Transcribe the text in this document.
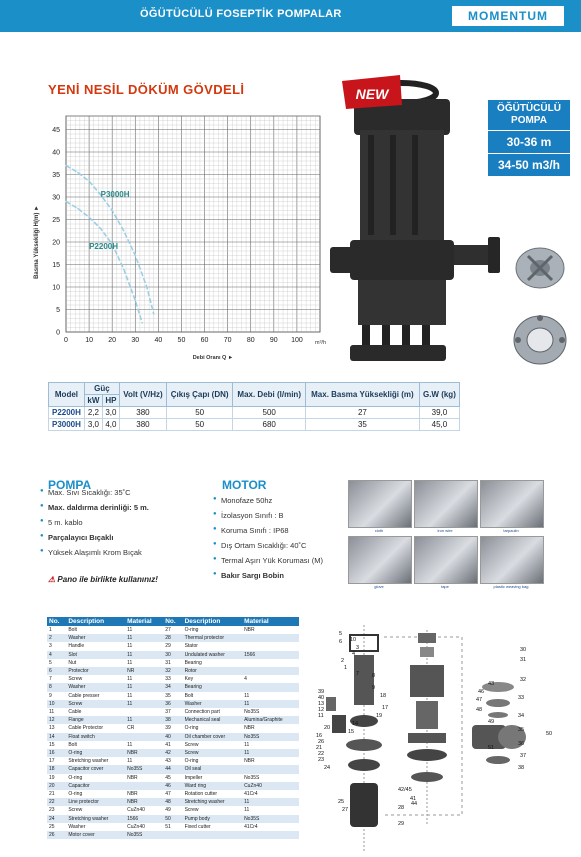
ÖĞÜTÜCÜLÜ FOSEPTİK POMPALAR	MOMENTUM
YENİ NESİL DÖKÜM GÖVDELİ
0 10 20 30 40 50 60 70 80 90 100
0
5
10
15
20
25
30
35
40
45
P3000H
P2200H
Basma Yüksekliği H(m) ►
Debi Oranı Q ►
m³/h
NEW
ÖĞÜTÜCÜLÜ
POMPA
30-36 m
34-50 m3/h
Model	Güç		Volt (V/Hz)	Çıkış Çapı (DN)	Max. Debi (l/min)	Max. Basma Yüksekliği (m)	G.W (kg)
	kW	HP					
P2200H	2,2	3,0	380	50	500	27	39,0
P3000H	3,0	4,0	380	50	680	35	45,0
POMPA
● Max. Sıvı Sıcaklığı: 35˚C
● Max. daldırma derinliği: 5 m.
● 5 m. kablo
● Parçalayıcı Bıçaklı
● Yüksek Alaşımlı Krom Bıçak
⚠ Pano ile birlikte kullanınız!
MOTOR
● Monofaze 50hz
● İzolasyon Sınıfı : B
● Koruma Sınıfı : IP68
● Dış Ortam Sıcaklığı: 40˚C
● Termal Aşırı Yük Koruması (M)
● Bakır Sargı Bobin
cloth	iron wire	tarpaulin
glove	tape	plastic weaving bag
No.	Description	Material	No.	Description	Material
1	Bolt	11	27	O-ring	NBR
2	Washer	11	28	Thermal protector	
3	Handle	11	29	Stator	
4	Slot	11	30	Undulated washer	1566
5	Nut	11	31	Bearing	
6	Protector	NR	32	Rotor	
7	Screw	11	33	Key	4
8	Washer	11	34	Bearing	
9	Cable presser	11	35	Bolt	11
10	Screw	11	36	Washer	11
11	Cable		37	Connection part	No35S
12	Flange	11	38	Mechanical seal	Alumina/Graphite
13	Cable Protector	CR	39	O-ring	NBR
14	Float switch		40	Oil chamber cover	No35S
15	Bolt	11	41	Screw	11
16	O-ring	NBR	42	Screw	11
17	Stretching washer	11	43	O-ring	NBR
18	Capacitor cover	No35S	44	Oil seal	
19	O-ring	NBR	45	Impeller	No35S
20	Capacitor		46	Ward ring	CuZn40
21	O-ring	NBR	47	Rotation cutter	41Cr4
22	Line protector	NBR	48	Stretching washer	11
23	Screw	CuZn40	49	Screw	11
24	Stretching washer	1566	50	Pump body	No35S
25	Washer	CuZn40	51	Fixed cutter	41Cr4
26	Motor cover	No35S			
5
6
3
4
2
1
30
31
32
33
34
35
36
37
38
39
40
13
12
11
14
15
18
17
19
20
16
26
21
22
23
24
25
27	28
29
41
44
42/45
43
46
47
48
49
50
51
10
8
7
9
